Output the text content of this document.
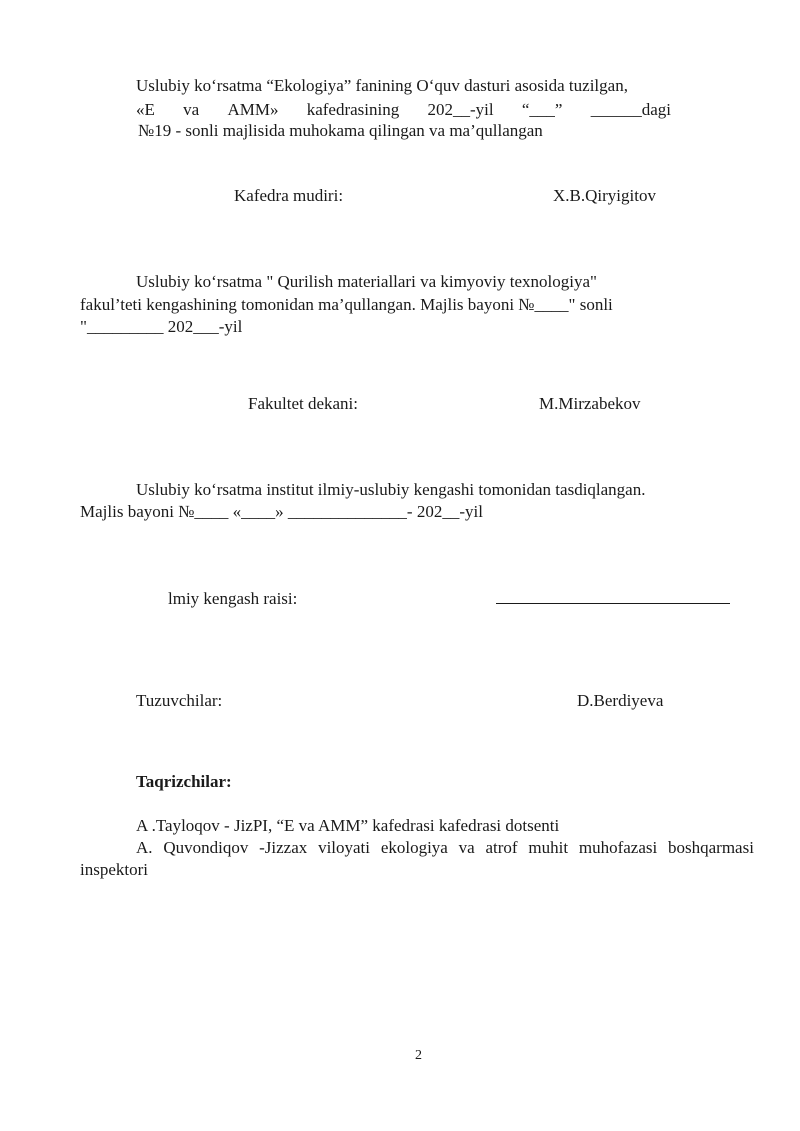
Uslubiy ko‘rsatma “Ekologiya” fanining O‘quv dasturi asosida tuzilgan,
«E va AMM» kafedrasining 202__-yil “___” ______dagi
№19 - sonli majlisida muhokama qilingan va ma’qullangan
Kafedra mudiri:	X.B.Qiryigitov
Uslubiy ko‘rsatma " Qurilish materiallari va kimyoviy texnologiya"
fakul’teti kengashining tomonidan ma’qullangan. Majlis bayoni №____" sonli
"_________ 202___-yil
Fakultet dekani:	M.Mirzabekov
Uslubiy ko‘rsatma institut ilmiy-uslubiy kengashi tomonidan tasdiqlangan.
Majlis bayoni №____ «____» ______________- 202__-yil
lmiy kengash raisi:
Tuzuvchilar:	D.Berdiyeva
Taqrizchilar:
A .Tayloqov - JizPI, “E va AMM” kafedrasi kafedrasi dotsenti
A. Quvondiqov -Jizzax viloyati ekologiya va atrof muhit muhofazasi boshqarmasi
inspektori
2
